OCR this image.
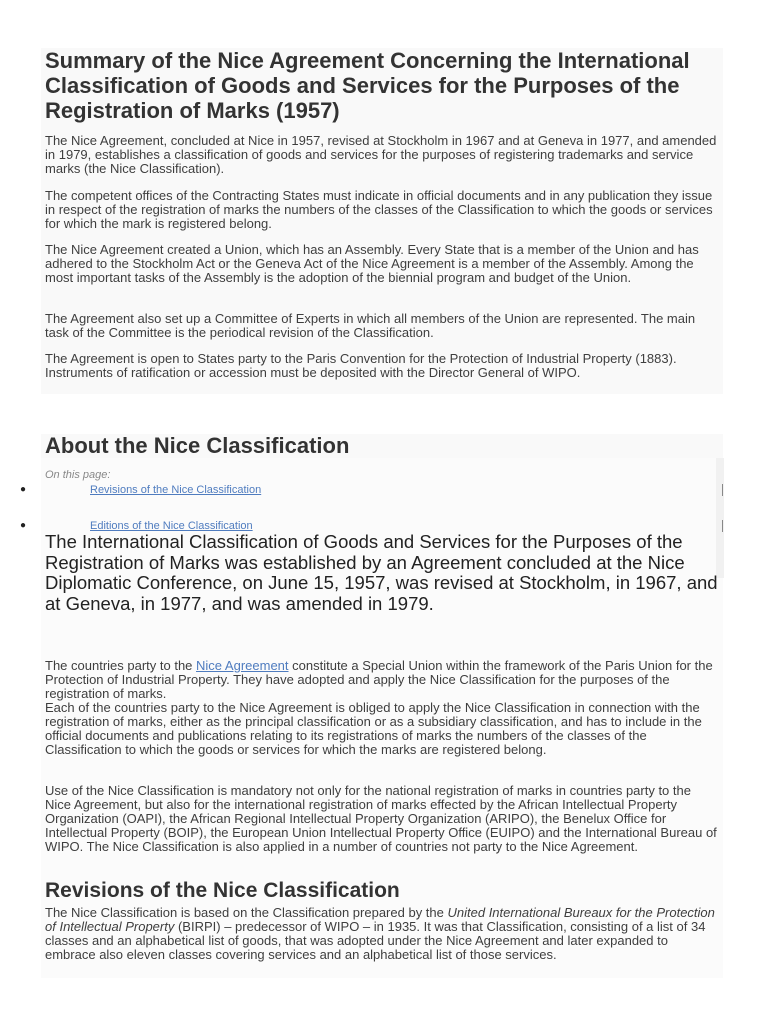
Summary of the Nice Agreement Concerning the International Classification of Goods and Services for the Purposes of the Registration of Marks (1957)

The Nice Agreement, concluded at Nice in 1957, revised at Stockholm in 1967 and at Geneva in 1977, and amended in 1979, establishes a classification of goods and services for the purposes of registering trademarks and service marks (the Nice Classification).

The competent offices of the Contracting States must indicate in official documents and in any publication they issue in respect of the registration of marks the numbers of the classes of the Classification to which the goods or services for which the mark is registered belong.

The Nice Agreement created a Union, which has an Assembly. Every State that is a member of the Union and has adhered to the Stockholm Act or the Geneva Act of the Nice Agreement is a member of the Assembly. Among the most important tasks of the Assembly is the adoption of the biennial program and budget of the Union.

The Agreement also set up a Committee of Experts in which all members of the Union are represented. The main task of the Committee is the periodical revision of the Classification.

The Agreement is open to States party to the Paris Convention for the Protection of Industrial Property (1883). Instruments of ratification or accession must be deposited with the Director General of WIPO.

About the Nice Classification
On this page:
●	Revisions of the Nice Classification
●	Editions of the Nice Classification
The International Classification of Goods and Services for the Purposes of the Registration of Marks was established by an Agreement concluded at the Nice Diplomatic Conference, on June 15, 1957, was revised at Stockholm, in 1967, and at Geneva, in 1977, and was amended in 1979.

The countries party to the Nice Agreement constitute a Special Union within the framework of the Paris Union for the Protection of Industrial Property. They have adopted and apply the Nice Classification for the purposes of the registration of marks.
Each of the countries party to the Nice Agreement is obliged to apply the Nice Classification in connection with the registration of marks, either as the principal classification or as a subsidiary classification, and has to include in the official documents and publications relating to its registrations of marks the numbers of the classes of the Classification to which the goods or services for which the marks are registered belong.

Use of the Nice Classification is mandatory not only for the national registration of marks in countries party to the Nice Agreement, but also for the international registration of marks effected by the African Intellectual Property Organization (OAPI), the African Regional Intellectual Property Organization (ARIPO), the Benelux Office for Intellectual Property (BOIP), the European Union Intellectual Property Office (EUIPO) and the International Bureau of WIPO. The Nice Classification is also applied in a number of countries not party to the Nice Agreement.

Revisions of the Nice Classification

The Nice Classification is based on the Classification prepared by the United International Bureaux for the Protection of Intellectual Property (BIRPI) – predecessor of WIPO – in 1935. It was that Classification, consisting of a list of 34 classes and an alphabetical list of goods, that was adopted under the Nice Agreement and later expanded to embrace also eleven classes covering services and an alphabetical list of those services.
